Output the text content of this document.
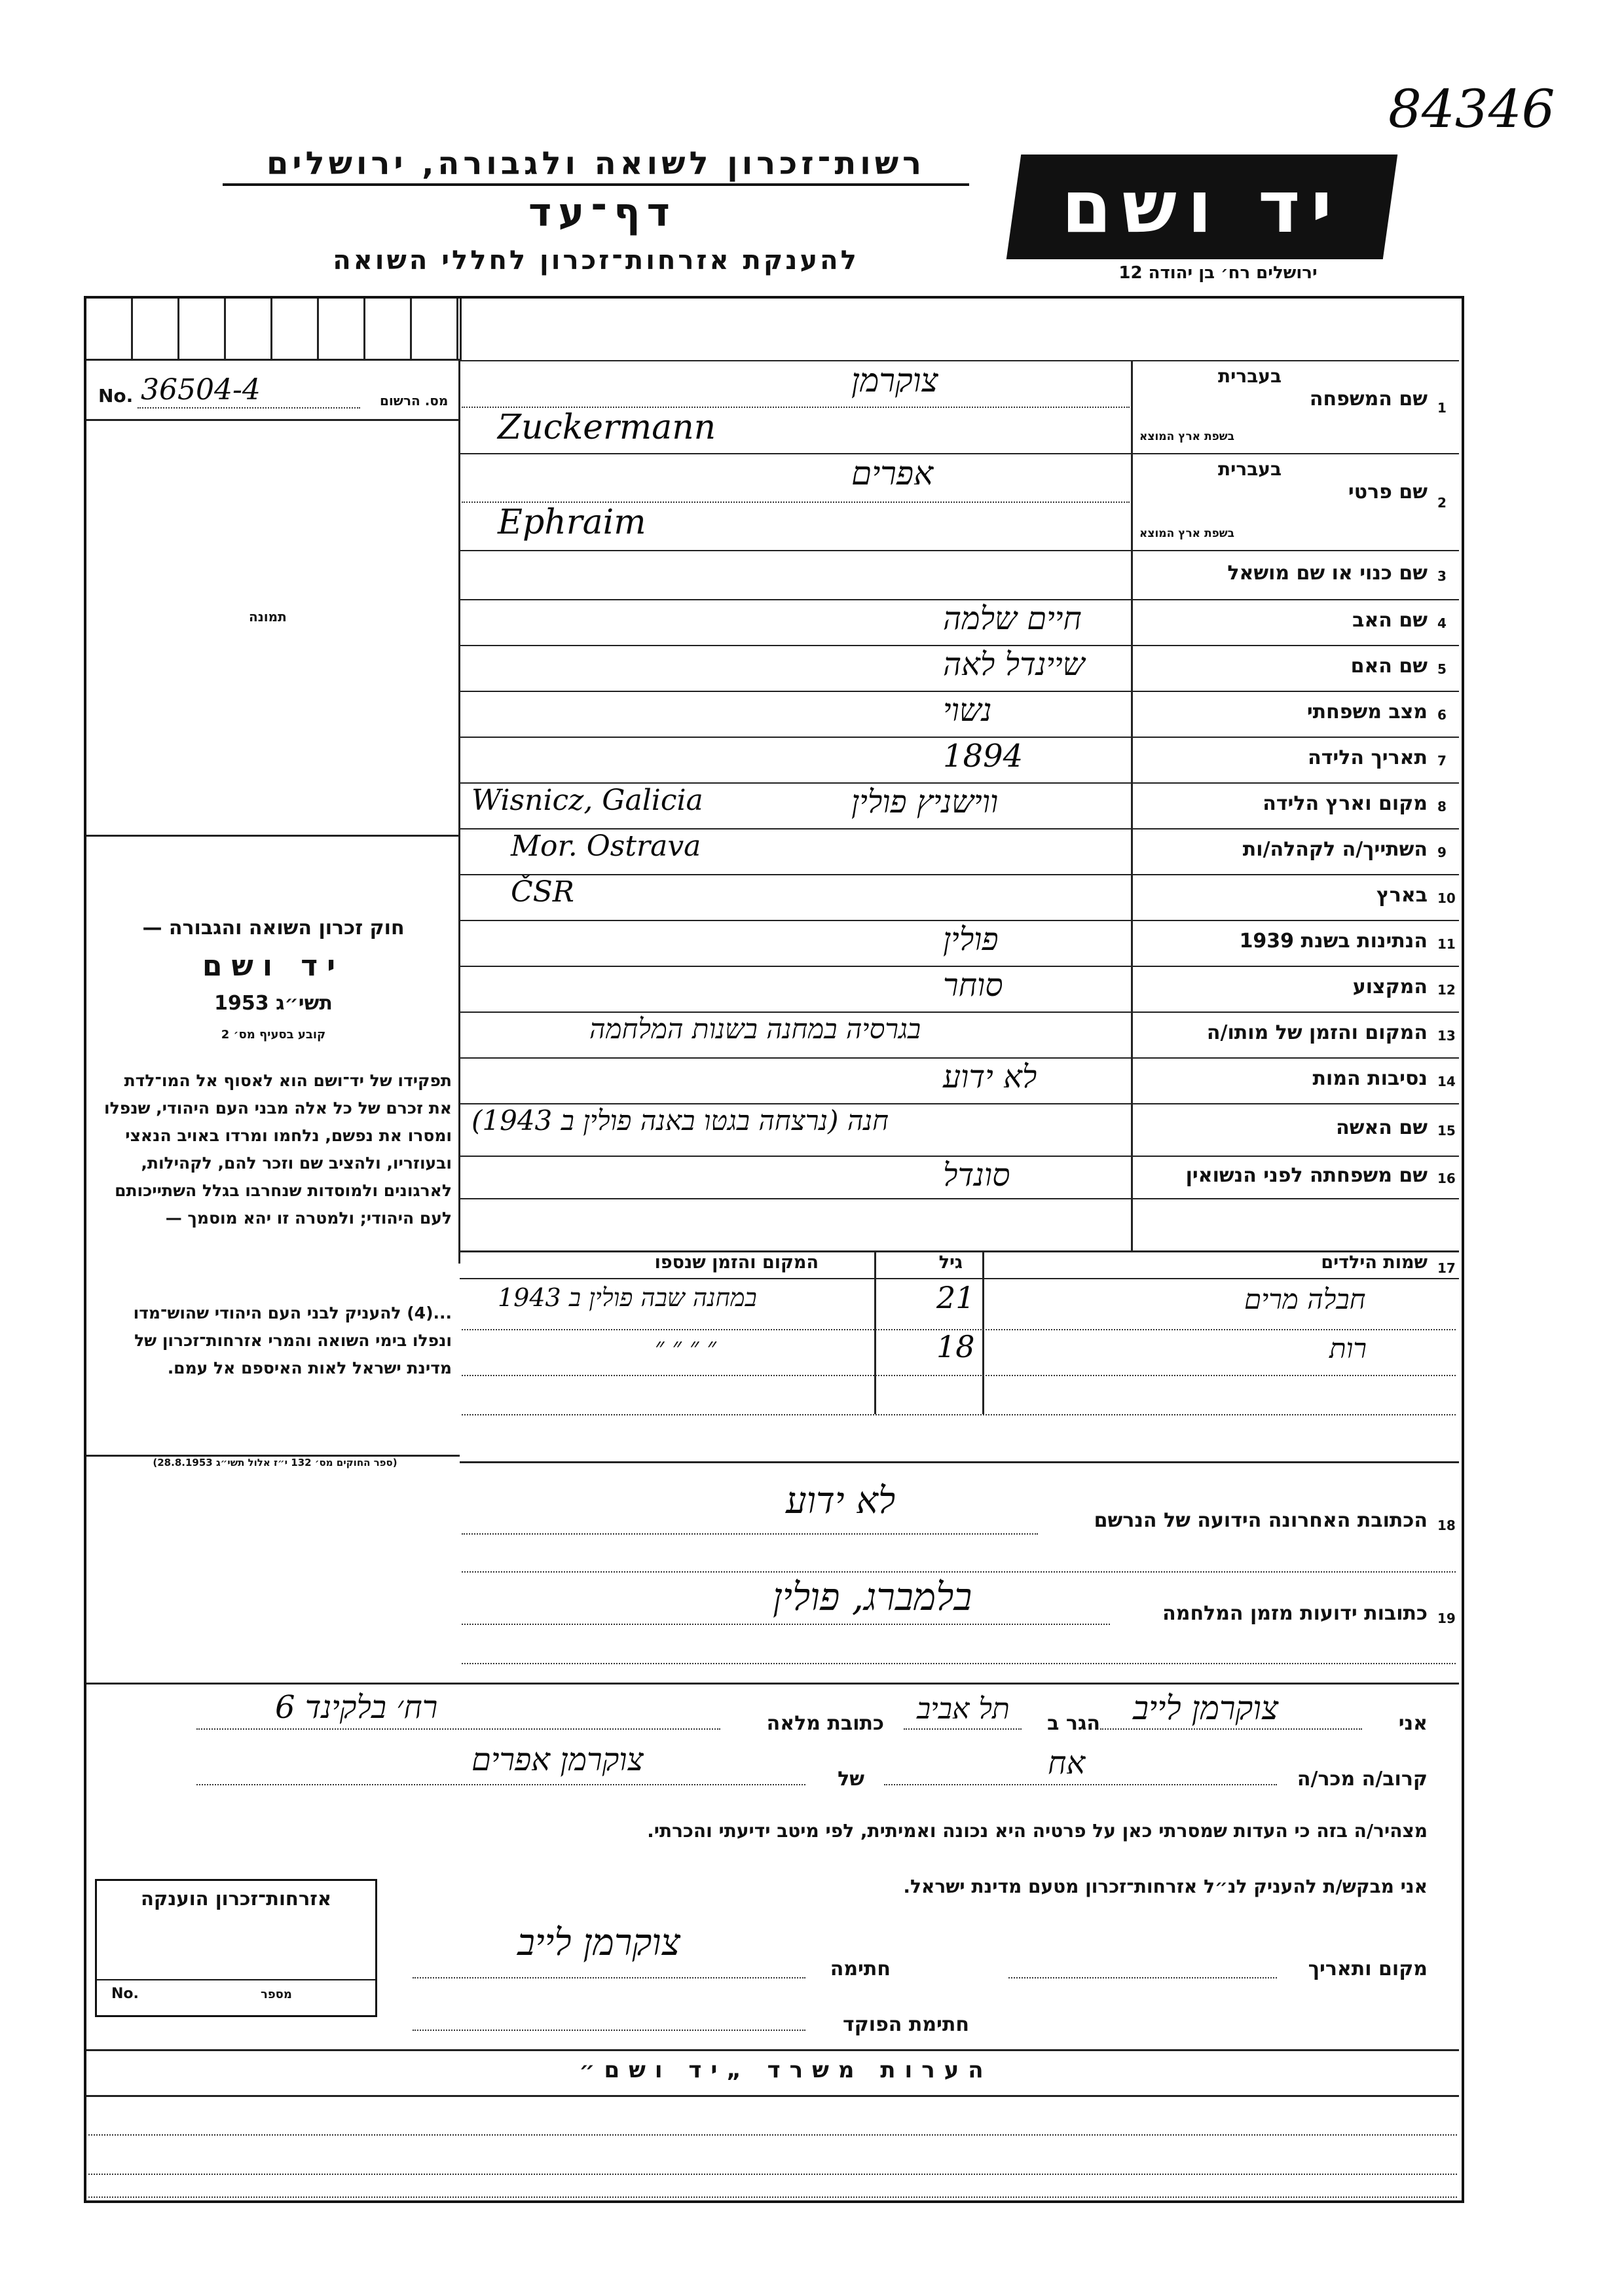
84346
רשות־זכרון לשואה ולגבורה, ירושלים
דף־עד
להענקת אזרחות־זכרון לחללי השואה
יד ושם
ירושלים רח׳ בן יהודה 12
מס. הרשום
No. 36504-4
תמונה
חוק זכרון השואה והגבורה —
יד ושם
תשי״ג 1953
קובע בסעיף מס׳ 2
תפקידו של יד־ושם הוא לאסוף אל המו־לדת את זכרם של כל אלה מבני העם היהודי, שנפלו ומסרו את נפשם, נלחמו ומרדו באויב הנאצי ובעוזריו, ולהציב שם וזכר להם, לקהילות, לארגונים ולמוסדות שנחרבו בגלל השתייכותם לעם היהודי; ולמטרה זו יהא מוסמך —
...(4) להעניק לבני העם היהודי שהוש־מדו ונפלו בימי השואה והמרי אזרחות־זכרון של מדינת ישראל לאות האיספם אל עמם.
(ספר החוקים מס׳ 132 י״ז אלול תשי״ג 28.8.1953)
1
שם המשפחה
בעברית
בשפת ארץ המוצא
צוקרמן
Zuckermann
2
שם פרטי
בעברית
בשפת ארץ המוצא
אפרים
Ephraim
3
שם כנוי או שם מושאל
4
שם האב
חיים שלמה
5
שם האם
שיינדל לאה
6
מצב משפחתי
נשוי
7
תאריך הלידה
1894
8
מקום וארץ הלידה
ווישניץ פולין
Wisnicz, Galicia
9
השתייך/ה לקהלה/ות
Mor. Ostrava
10
בארץ
ČSR
11
הנתינות בשנת 1939
פולין
12
המקצוע
סוחר
13
המקום והזמן של מותו/ה
בגרסיה במחנה בשנות המלחמה
14
נסיבות המות
לא ידוע
15
שם האשה
חנה (נרצחה בגטו באנה פולין ב 1943)
16
שם משפחתה לפני הנשואין
סונדל
17
שמות הילדים
גיל
המקום והזמן שנספו
חבלה מרים
21
במחנה שבה פולין ב 1943
רות
18
״ ״ ״ ״
18
הכתובת האחרונה הידועה של הנרשם
לא ידוע
19
כתובות ידועות מזמן המלחמה
בלמברג, פולין
אני
צוקרמן לייב
הגר ב
תל אביב
כתובת מלאה
רח׳ בלקינד 6
קרוב/ה מכר/ה
אח
של
צוקרמן אפרים
מצהיר/ה בזה כי העדות שמסרתי כאן על פרטיה היא נכונה ואמיתית, לפי מיטב ידיעתי והכרתי.
אני מבקש/ת להעניק לנ״ל אזרחות־זכרון מטעם מדינת ישראל.
מקום ותאריך
חתימה
צוקרמן לייב
חתימת הפוקד
אזרחות־זכרון הוענקה
No.	מספר
הערות משרד „יד ושם״
